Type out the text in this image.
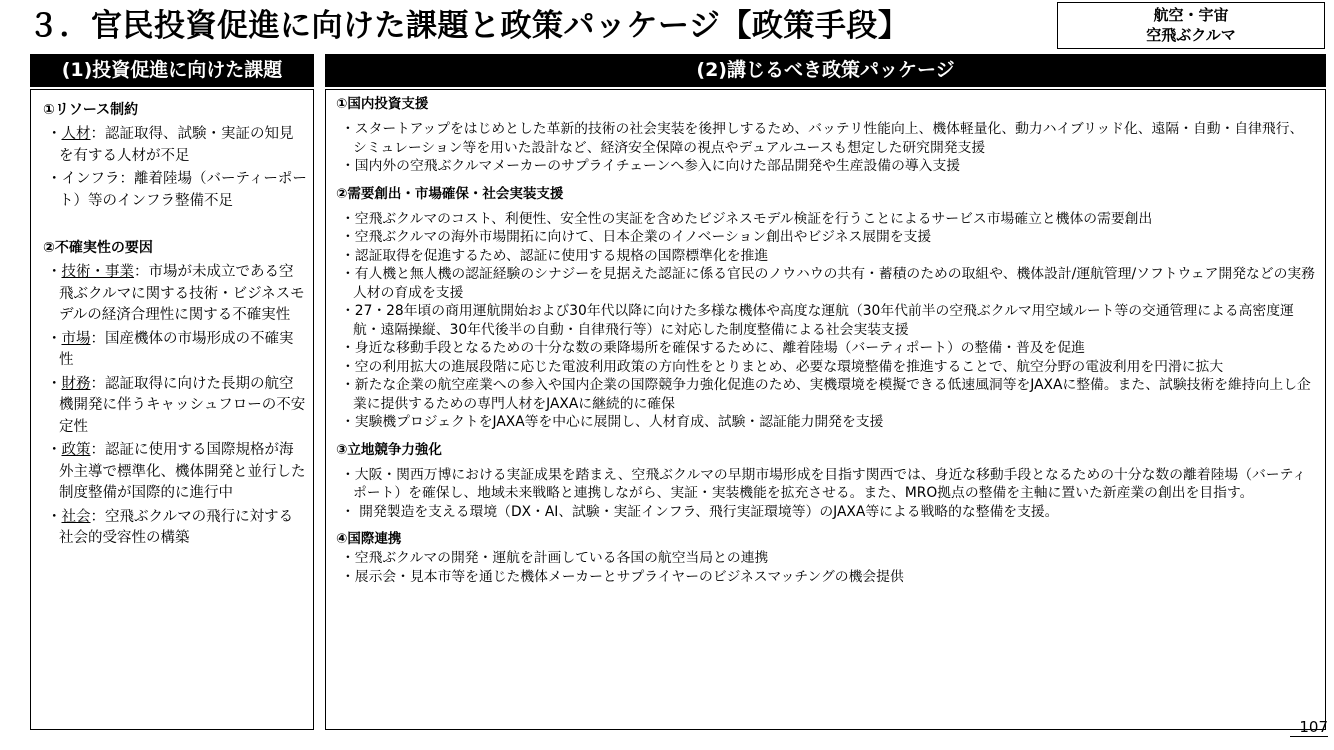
３．官民投資促進に向けた課題と政策パッケージ【政策手段】	航空・宇宙
空飛ぶクルマ
(1)投資促進に向けた課題	(2)講じるべき政策パッケージ
①リソース制約
・人材：認証取得、試験・実証の知見を有する人材が不足
・インフラ：離着陸場（バーティーポート）等のインフラ整備不足
②不確実性の要因
・技術・事業：市場が未成立である空飛ぶクルマに関する技術・ビジネスモデルの経済合理性に関する不確実性
・市場：国産機体の市場形成の不確実性
・財務：認証取得に向けた長期の航空機開発に伴うキャッシュフローの不安定性
・政策：認証に使用する国際規格が海外主導で標準化、機体開発と並行した制度整備が国際的に進行中
・社会：空飛ぶクルマの飛行に対する社会的受容性の構築
①国内投資支援
・スタートアップをはじめとした革新的技術の社会実装を後押しするため、バッテリ性能向上、機体軽量化、動力ハイブリッド化、遠隔・自動・自律飛行、シミュレーション等を用いた設計など、経済安全保障の視点やデュアルユースも想定した研究開発支援
・国内外の空飛ぶクルマメーカーのサプライチェーンへ参入に向けた部品開発や生産設備の導入支援
②需要創出・市場確保・社会実装支援
・空飛ぶクルマのコスト、利便性、安全性の実証を含めたビジネスモデル検証を行うことによるサービス市場確立と機体の需要創出
・空飛ぶクルマの海外市場開拓に向けて、日本企業のイノベーション創出やビジネス展開を支援
・認証取得を促進するため、認証に使用する規格の国際標準化を推進
・有人機と無人機の認証経験のシナジーを見据えた認証に係る官民のノウハウの共有・蓄積のための取組や、機体設計/運航管理/ソフトウェア開発などの実務人材の育成を支援
・27・28年頃の商用運航開始および30年代以降に向けた多様な機体や高度な運航（30年代前半の空飛ぶクルマ用空域ルート等の交通管理による高密度運航・遠隔操縦、30年代後半の自動・自律飛行等）に対応した制度整備による社会実装支援
・身近な移動手段となるための十分な数の乗降場所を確保するために、離着陸場（バーティポート）の整備・普及を促進
・空の利用拡大の進展段階に応じた電波利用政策の方向性をとりまとめ、必要な環境整備を推進することで、航空分野の電波利用を円滑に拡大
・新たな企業の航空産業への参入や国内企業の国際競争力強化促進のため、実機環境を模擬できる低速風洞等をJAXAに整備。また、試験技術を維持向上し企業に提供するための専門人材をJAXAに継続的に確保
・実験機プロジェクトをJAXA等を中心に展開し、人材育成、試験・認証能力開発を支援
③立地競争力強化
・大阪・関西万博における実証成果を踏まえ、空飛ぶクルマの早期市場形成を目指す関西では、身近な移動手段となるための十分な数の離着陸場（バーティポート）を確保し、地域未来戦略と連携しながら、実証・実装機能を拡充させる。また、MRO拠点の整備を主軸に置いた新産業の創出を目指す。
・ 開発製造を支える環境（DX・AI、試験・実証インフラ、飛行実証環境等）のJAXA等による戦略的な整備を支援。
④国際連携
・空飛ぶクルマの開発・運航を計画している各国の航空当局との連携
・展示会・見本市等を通じた機体メーカーとサプライヤーのビジネスマッチングの機会提供
107
